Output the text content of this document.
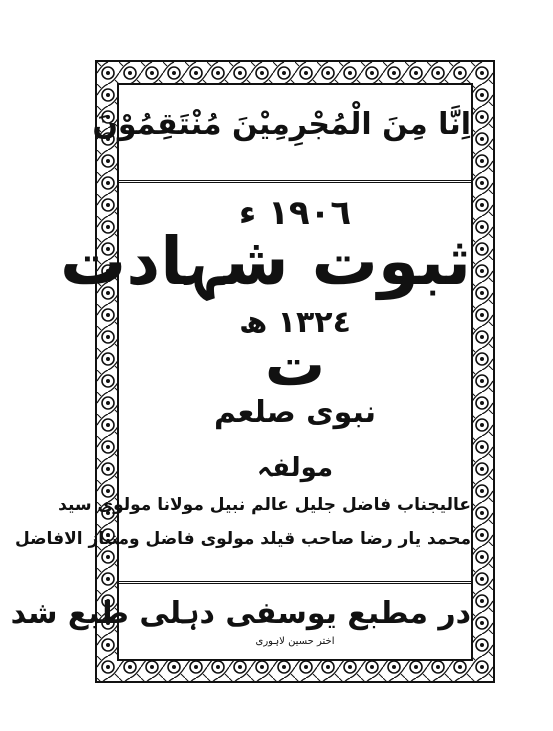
اِنَّا مِنَ الْمُجْرِمِیْنَ مُنْتَقِمُوْنَ
١٩٠٦ ء
ثبوت شہادت
١٣٢٤ ھ
ت
نبوی صلعم
مولفہ
عالیجناب فاضل جلیل عالم نبیل مولانا مولوی سید
محمد یار رضا صاحب قیلد مولوی فاضل ومنتاز الافاضل
در مطبع یوسفی دہلی طبع شد
اختر حسین لاہوری
